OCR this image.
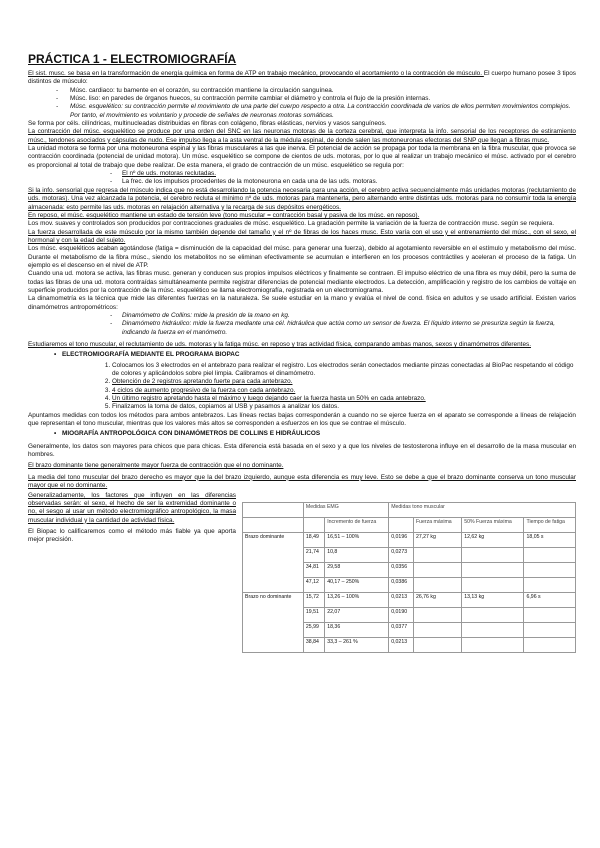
PRÁCTICA 1 - ELECTROMIOGRAFÍA

El sist. musc. se basa en la transformación de energía química en forma de ATP en trabajo mecánico, provocando el acortamiento o la contracción de músculo. El cuerpo humano posee 3 tipos distintos de músculo:

- Músc. cardiaco: tu bamente en el corazón, su contracción mantiene la circulación sanguínea.
- Músc. liso: en paredes de órganos huecos, su contracción permite cambiar el diámetro y controla el flujo de la presión internas.
- Músc. esquelético: su contracción permite el movimiento de una parte del cuerpo respecto a otra. La contracción coordinada de varios de ellos permiten movimientos complejos. Por tanto, el movimiento es voluntario y procede de señales de neuronas motoras somáticas.

Se forma por céls. cilíndricas, multinucleadas distribuidas en fibras con colágeno, fibras elásticas, nervios y vasos sanguíneos.

La contracción del músc. esquelético se produce por una orden del SNC en las neuronas motoras de la corteza cerebral, que interpreta la info. sensorial de los receptores de estiramiento músc., tendones asociados y cápsulas de nudo. Ese impulso llega a la asta ventral de la médula espinal, de donde salen las motoneuronas efectoras del SNP que llegan a fibras musc.

La unidad motora se forma por una motoneurona espinal y las fibras musculares a las que inerva. El potencial de acción se propaga por toda la membrana en la fibra muscular, que provoca se contracción coordinada (potencial de unidad motora). Un músc. esquelético se compone de cientos de uds. motoras, por lo que al realizar un trabajo mecánico el músc. activado por el cerebro es proporcional al total de trabajo que debe realizar. De esta manera, el grado de contracción de un músc. esquelético se regula por:

- El nº de uds. motoras reclutadas.
- La frec. de los impulsos procedentes de la motoneurona en cada una de las uds. motoras.

Si la info. sensorial que regresa del músculo indica que no está desarrollando la potencia necesaria para una acción, el cerebro activa secuencialmente más unidades motoras (reclutamiento de uds. motoras). Una vez alcanzada la potencia, el cerebro recluta el mínimo nº de uds. motoras para mantenerla, pero alternando entre distintas uds. motoras para no consumir toda la energía almacenada: esto permite las uds. motoras en relajación alternativa y la recarga de sus depósitos energéticos.

En reposo, el músc. esquelético mantiene un estado de tensión leve (tono muscular = contracción basal y pasiva de los músc. en reposo).

Los mov. suaves y controlados son producidos por contracciones graduales de músc. esquelético. La gradación permite la variación de la fuerza de contracción musc. según se requiera.

La fuerza desarrollada de este músculo por la mismo también depende del tamaño y el nº de fibras de los haces musc. Esto varía con el uso y el entrenamiento del músc., con el sexo, el hormonal y con la edad del sujeto.

Los músc. esqueléticos acaban agotándose (fatiga = disminución de la capacidad del músc. para generar una fuerza), debido al agotamiento reversible en el estímulo y metabolismo del músc. Durante el metabolismo de la fibra músc., siendo los metabolitos no se eliminan efectivamente se acumulan e interfieren en los procesos contráctiles y aceleran el proceso de la fatiga. Un ejemplo es el descenso en el nivel de ATP.

Cuando una ud. motora se activa, las fibras musc. generan y conducen sus propios impulsos eléctricos y finalmente se contraen. El impulso eléctrico de una fibra es muy débil, pero la suma de todas las fibras de una ud. motora contraídas simultáneamente permite registrar diferencias de potencial mediante electrodos. La detección, amplificación y registro de los cambios de voltaje en superficie producidos por la contracción de la músc. esquelético se llama electromiografía, registrada en un electromiograma.

La dinamometría es la técnica que mide las diferentes fuerzas en la naturaleza. Se suele estudiar en la mano y evalúa el nivel de cond. física en adultos y se usado artificial. Existen varios dinamómetros antropométricos:

- Dinamómetro de Collins: mide la presión de la mano en kg.
- Dinamómetro hidráulico: mide la fuerza mediante una cél. hidráulica que actúa como un sensor de fuerza. El líquido interno se presuriza según la fuerza, indicando la fuerza en el manómetro.

Estudiaremos el tono muscular, el reclutamiento de uds. motoras y la fatiga músc. en reposo y tras actividad física, comparando ambas manos, sexos y dinamómetros diferentes.

• ELECTROMIOGRAFÍA MEDIANTE EL PROGRAMA BIOPAC
1. Colocamos los 3 electrodos en el antebrazo para realizar el registro. Los electrodos serán conectados mediante pinzas conectadas al BioPac respetando el código de colores y aplicándolos sobre piel limpia. Calibramos el dinamómetro.
2. Obtención de 2 registros apretando fuerte para cada antebrazo.
3. 4 ciclos de aumento progresivo de la fuerza con cada antebrazo.
4. Un último registro apretando hasta el máximo y luego dejando caer la fuerza hasta un 50% en cada antebrazo.
5. Finalizamos la toma de datos, copiamos al USB y pasamos a analizar los datos.

Apuntamos medidas con todos los métodos para ambos antebrazos. Las líneas rectas bajas corresponderán a cuando no se ejerce fuerza en el aparato se corresponde a líneas de relajación que representan el tono muscular, mientras que los valores más altos se corresponden a esfuerzos en los que se contrae el músculo.

• MIOGRAFÍA ANTROPOLÓGICA CON DINAMÓMETROS DE COLLINS E HIDRÁULICOS

Generalmente, los datos son mayores para chicos que para chicas. Esta diferencia está basada en el sexo y a que los niveles de testosterona influye en el desarrollo de la masa muscular en hombres.

El brazo dominante tiene generalmente mayor fuerza de contracción que el no dominante.

La media del tono muscular del brazo derecho es mayor que la del brazo izquierdo, aunque esta diferencia es muy leve. Esto se debe a que el brazo dominante conserva un tono muscular mayor que el no dominante.

Generalizadamente, los factores que influyen en las diferencias observadas serán: el sexo, el hecho de ser la extremidad dominante o no, el sesgo al usar un método electromiográfico antropológico, la masa muscular individual y la cantidad de actividad física.

El Biopac lo calificaremos como el método más fiable ya que aporta mejor precisión.

	Medidas EMG		Medidas tono muscular			
		Incremento de fuerza		Fuerza máxima	50% Fuerza máxima	Tiempo de fatiga
Brazo dominante	18,49	16,51 – 100%	0,0196	27,27 kg	12,62 kg	18,05 s
	21,74	10,8	0,0273			
	34,81	29,58	0,0356			
	47,12	40,17 – 250%	0,0386			
Brazo no dominante	15,72	13,26 – 100%	0,0213	26,76 kg	13,13 kg	6,96 s
	19,51	22,07	0,0190			
	25,99	18,36	0,0377			
	38,84	33,3 – 261 %	0,0213			
